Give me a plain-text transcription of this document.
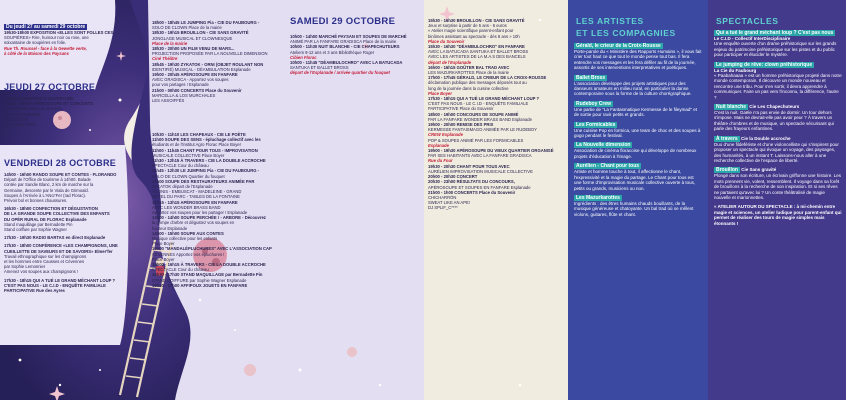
Du jeudi 27 au samedi 29 octobre
19h30-18h00 EXPOSITION «ELLES SONT FOLLES CES
SOUPIÈRES» Rire, humour noir ou rose, une
soixantaine de soupières en folie.
Rue Th. Roussel - face à la Gewette verte,
à côté de la Maison des Paysans
JEUDI 27 OCTOBRE
18h30 CÉRÉMONIE D'OUVERTURE
19h45 - 00h00 APÉROSOUPE ET CONCERTS
Scène locale Place de la mairie
PETIT TONNERRE
BERZINGUE
SKIN AND WIRE
VENDREDI 28 OCTOBRE
14h00 - 16h00 RANDO SOUPE ET CONTES - FLORANDO
Départ de l'Office de tourisme à 14h00. Balade
contée par Sandie Blanc, 2 km de marche sur la
Germaine, descente par le Viala de Grimoald.
Soupes à l'Arrivée à L'ANcr'Fer (rad Florac).
Prévoir bol et bonnes chaussures.
16h30 - 18h00 CONFECTION ET DÉGUSTATION
DE LA GRANDE SOUPE COLLECTIVE DES ENFANTS
DU OPÉR RURAL DE FLORAC Esplanade
Stand maquillage par Bernadette Pin
Stand coiffure par Sophie Wagner
17h30 - 19h30 RADIO BARTAS en direct Esplanade
17h30 - 18h00 CONFÉRENCE «LES CHAMPIGNONS, UNE
CUEILLETTE DE SAVEURS ET DE SAVOIRS» Elmer'fer
Travail ethnographique sur les champignons
et les hommes entre Causses et Cévennes
par Sophie Lemonnier
Amenez vos soupes aux champignons !
17h30 - 18h15 QUI A TUÉ LE GRAND MÉCHANT LOUP ?
C'EST PAS NOUS - LE C.I.D - ENQUÊTE FAMILIALE
PARTICIPATIVE Rue des Ayres
18h00 - 18h45 LE JUMPING Pia - CIE DU FAUBOURG -
SOLO DE CLOWN Place de la mairie
18h30 - 19h15 BROUILLON - CIE SANS GRAVITÉ
JONGLAGE MUSICAL ET CLOWNESQUE
Place de la mairie
18h30 - 20h00 UN FILM VENU DE MARS...
PROJECTION PROPOSÉE PAR LA NOUVELLE DIMENSION
Ciné Théâtre
18h45 - 19h30 ZYKATOK - ORNI (OBJET ROULANT NON
IDENTIFIÉ) MUSICAL - DÉAMBULATION Esplanade
19h00 - 20h45 APÉROSOUPE EN FANFARE
AVEC GRADISCA - Apportez vos soupes
pour vos partages ! Esplanade
21h00 - 00h00 CONCERTS Place du Souvenir
MARCELLA & LOS MURCHALES
LES ASSOIFFÉS
10h30 - 11h10 LES CHAPEAUX - CIE LE POÈTE
11h00 SOUPE DES SENS - épluchage collectif avec les
étudiants et de l'Institut Agro Florac Place Boyer
11h00 - 11h45 CHANT POUR TOUS - IMPROVISATION
MUSICALE COLLECTIVE Place Boyer
11h30 - 12h15 À TRAVERS - CIE LA DOUBLE ACCROCHE
SPECTACLE Cour du château
11h45 - 12h30 LE JUMPING Pia - CIE DU FAUBOURG -
SOLO DE CLOWN Quartier du fouquet
12h00 SOUPE DES RESTAURATEURS ANIMÉE PAR
ZYKATOK départ de l'Esplanade
ADONIS - EMBUSCAT - MADELEINE - GRAND
HÔTEL DU PARC - TABLES DE LA FONTAINE
12h15 - 13h15 APÉROSOUPE EN FANFARE
AVEC LES WONDER BRASS BAND
Apportez vos soupes pour les partager ! Esplanade
13h00 - 14h00 SOUPE PERCHÉE ! - ARBORE - Découvrez
la grimpe d'arbre et dégustez vos soupes en
hauteur Esplanade
14h00 - 15h00 SOUPE AUX CONTES
Musique collective pour les enfants
Place Boyer
15h00 "MANDALÉPLUCHURES" AVEC L'ASSOCIATION CAP
CÉVENNES Apportez vos épluchures !
Place Boyer
15h00 - 16h15 À TRAVERS - CIE LA DOUBLE ACCROCHE
SPECTACLE Cour du château
15h30 - 17h30 STAND MAQUILLAGE par Bernadette Pin
STAND COIFFURE par Sophie Wagner Esplanade
16h30 - 17h00 AFFIPOUX JOUETS EN FANFARE
SAMEDI 29 OCTOBRE
10h00 - 14h00 MARCHÉ PAYSAN ET SOUPES DE MARCHÉ
ANIMÉ PAR LA FANFARE GRADISCA Place de la mairie
10h00 - 11h30 NUIT BLANCHE - CIE CHAPECHUTEURS
Ateliers 9-12 ans et 3 ans Bibliothèque Roger
Cibien Florac
10h00 - 11h45 "DÉAMBULOCHRO" AVEC LA BATUCADA
SANTUKA ET BALLET BROSS
départ de l'Esplanade / arrivée quartier du fouquet
15h30 - 16h30 BROUILLON - CIE SANS GRAVITÉ
Jeux et surprise à partir de 5 ans - 6 euros
« Atelier magie scientifique parent-enfant pour
binômes assistant au spectacle - dès 8 ans » 10h
Place du Souvenir
15h30 - 16h30 "DÉAMBULOCHRO" EN FANFARE
AVEC LA BATUCADA SANTUKA ET BALLET BROSS
AVEC LES ARTISTES DE LA M.A.S DES BANCELS
départ de l'Esplanade
16h00 - 16h15 GOÛTER BAL TRAD AVEC
LES MAZURKAROTTES Place de la mairie
17h00 - 17h45 GÉRALD, LE CRIEUR DE LA CROIX-ROUSSE
déclamation publique des messages déposés tout au
long de la journée dans la cuisine collective
Place Boyer
17h30 - 18h15 QUI A TUÉ LE GRAND MÉCHANT LOUP ?
C'EST PAS NOUS - LE C.I.D - ENQUÊTE FAMILIALE
PARTICIPATIVE Place du Souvenir
18h00 - 19h00 CONCOURS DE SOUPE ANIMÉ
PAR LA FANFARE WONDER BRASS BAND Esplanade
19h00 - 20h00 REMISE DES PRIX
KERMESSE FANTAISMAGO ANIMÉE PAR LE RUDEBOY
CREW Esplanade
POP & SOUPES ANIMÉ PAR LES FORMICABLES
Esplanade
19h00 - 19h30 APÉROSOUPE DU VIEUX QUARTIER ORGANISÉ
PAR SES HABITANTS AVEC LA FANFARE GRADISCA
Rue du Four
19h30 - 20h30 CHANT POUR TOUS AVEC
AURÉLIEN IMPROVISATION MUSICALE COLLECTIVE
20h00 - 20h30 CONCERT
20h30 - 23h00 RÉSULTATS DU CONCOURS,
APÉROSOUPE ET SOUPES EN FANFARE Esplanade
21h00 - 1h00 CONCERTS Place du Souvenir
CHICHARRÓN
SWEAT LIKE AN APE!
DJ SPLIF_C****
LES ARTISTES
ET LES COMPAGNIES
Gérald, le crieur de la Croix-Rousse
Porte-parole du « Ministère des Rapports Humains », il vous fait crier tout haut ce que tout le monde pense tout bas. Il fera entendre vos messages et les fera défiler au fil de la journée, assortis de ses interventions interpretatives et poétiques.
Ballet Bross
L'association développe des projets artistiques pour des danseurs amateurs en milieu rural, en particulier la danse contemporaine sous la forme de la culture chorégraphique.
Rudeboy Crew
Une partie de "La Fantasmatique Kermesse de le fileymad" et de sortie pour ravir petits et grands.
Les Formicables
Une cuisine Pop en formica, une team de choc et des soupes à gogo pendant le festival.
La Nouvelle dimension
Association de cinéma floracoise qui développe de nombreux projets d'éducation à l'image.
Aurélien - Chant pour tous
Artiste et homme touche à tout, il affectionne le chant, l'expressivité et la magie du partage. Le Chant pour tous est une forme d'improvisation musicale collective ouverte à tous, petits ou grands, musiciens ou non.
Les Mazurkarottes
Ingrédients : des êtres humains chauds bouillants, de la musique généreuse et chatoyante. Un bal trad où se mêlent violons, guitares, flûte et chant.
SPECTACLES
Qui a tué le grand méchant loup ? C'est pas nous
Le C.I.D - Collectif InterDisciplinaire
Une enquête ouverte d'un drame préhistorique sur les grands enjeux du patrimoine préhistorique sur les pistes et du public pour participer et élucider le mystère.
Le jumping de rêve: clown préhistorique
La Cie du Faubourg
« Paabahaaaa » est un homme préhistorique projeté dans notre monde contemporain. Il découvre un monde nouveau et rencontre une tribu. Pour s'en sortir, il devra apprendre à communiquer. Faire un pas vers l'inconnu, la différence, l'autre ?
Nuit blanche Cie Les Chapechuteurs
C'est la nuit. Gaële n'a pas envie de dormir. Un tour dehors s'impose. Mais ne devrait-elle pas avoir peur ? À travers un théâtre d'ombres et de musique, un spectacle sécurisant qui parle des frayeurs enfantines.
À travers Cie la Double accroche
Duo d'une fildefériste et d'une violoncelliste qui s'inspirent pour proposer un spectacle qui évoque un voyage, des paysages, des humanités, à un instant T. Laissons-nous aller à une recherche collective de l'espace de liberté.
Brouillon Cie Sans gravité
Plongé dans son écriture, un écrivain griffonne une histoire. Les mots prennent vie, volent, ressemblent. Il voyage dans sa forêt de brouillons à la recherche de son inspiration. Et si ses rêves ne partaient qu'avec lui ? Un conte théâtralisé de magie nouvelle et marionnettes.
« ATELIER AUTOUR DU SPECTACLE : à mi-chemin entre magie et sciences, un atelier ludique pour parent-enfant qui permet de réaliser des tours de magie simples mais étonnants !
